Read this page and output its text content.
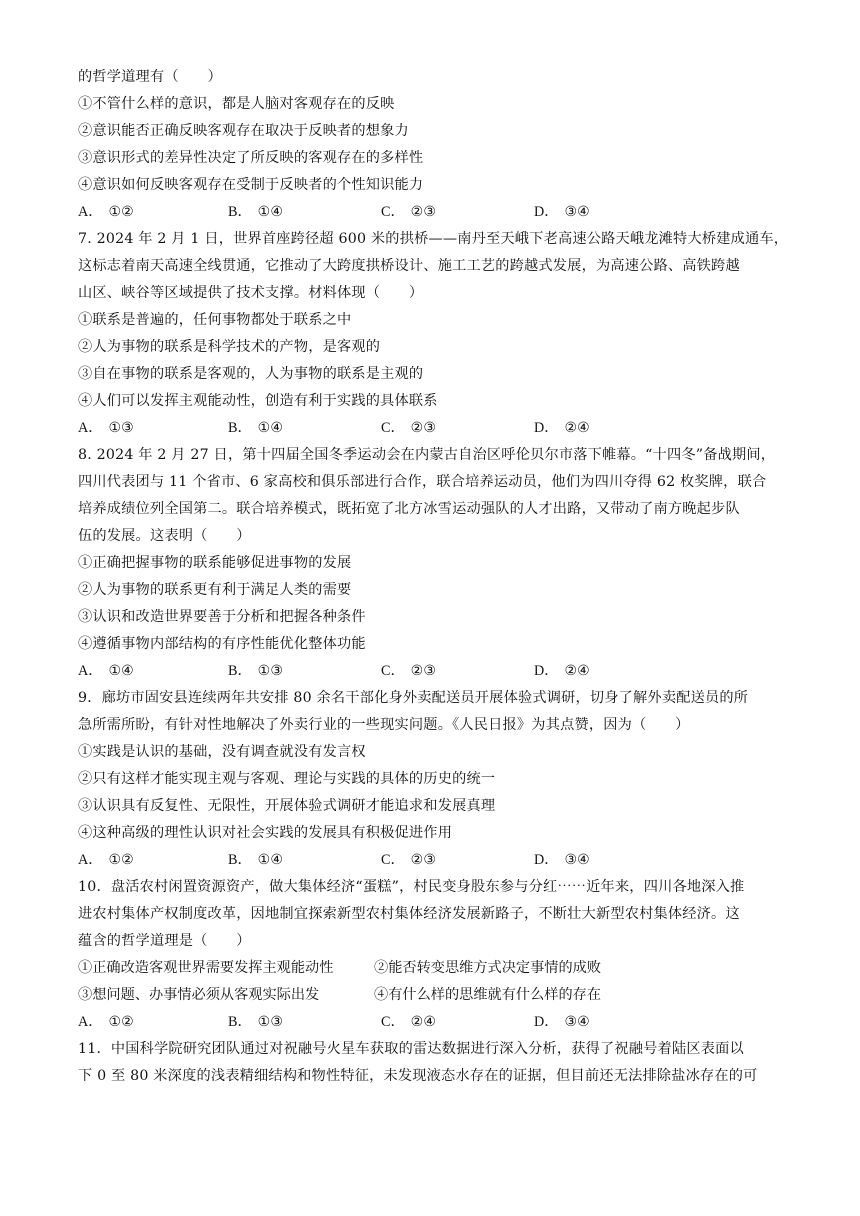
的哲学道理有（　　）
①不管什么样的意识，都是人脑对客观存在的反映
②意识能否正确反映客观存在取决于反映者的想象力
③意识形式的差异性决定了所反映的客观存在的多样性
④意识如何反映客观存在受制于反映者的个性知识能力
A． ①②	B． ①④	C． ②③	D． ③④
7. 2024 年 2 月 1 日，世界首座跨径超 600 米的拱桥——南丹至天峨下老高速公路天峨龙滩特大桥建成通车，
这标志着南天高速全线贯通，它推动了大跨度拱桥设计、施工工艺的跨越式发展，为高速公路、高铁跨越
山区、峡谷等区域提供了技术支撑。材料体现（　　）
①联系是普遍的，任何事物都处于联系之中
②人为事物的联系是科学技术的产物，是客观的
③自在事物的联系是客观的，人为事物的联系是主观的
④人们可以发挥主观能动性，创造有利于实践的具体联系
A． ①③	B． ①④	C． ②③	D． ②④
8. 2024 年 2 月 27 日，第十四届全国冬季运动会在内蒙古自治区呼伦贝尔市落下帷幕。“十四冬”备战期间，
四川代表团与 11 个省市、6 家高校和俱乐部进行合作，联合培养运动员，他们为四川夺得 62 枚奖牌，联合
培养成绩位列全国第二。联合培养模式，既拓宽了北方冰雪运动强队的人才出路，又带动了南方晚起步队
伍的发展。这表明（　　）
①正确把握事物的联系能够促进事物的发展
②人为事物的联系更有利于满足人类的需要
③认识和改造世界要善于分析和把握各种条件
④遵循事物内部结构的有序性能优化整体功能
A． ①④	B． ①③	C． ②③	D． ②④
9．廊坊市固安县连续两年共安排 80 余名干部化身外卖配送员开展体验式调研，切身了解外卖配送员的所
急所需所盼，有针对性地解决了外卖行业的一些现实问题。《人民日报》为其点赞，因为（　　）
①实践是认识的基础，没有调查就没有发言权
②只有这样才能实现主观与客观、理论与实践的具体的历史的统一
③认识具有反复性、无限性，开展体验式调研才能追求和发展真理
④这种高级的理性认识对社会实践的发展具有积极促进作用
A． ①②	B． ①④	C． ②③	D． ③④
10．盘活农村闲置资源资产，做大集体经济“蛋糕”，村民变身股东参与分红⋯⋯近年来，四川各地深入推
进农村集体产权制度改革，因地制宜探索新型农村集体经济发展新路子，不断壮大新型农村集体经济。这
蕴含的哲学道理是（　　）
①正确改造客观世界需要发挥主观能动性	②能否转变思维方式决定事情的成败
③想问题、办事情必须从客观实际出发	④有什么样的思维就有什么样的存在
A． ①②	B． ①③	C． ②④	D． ③④
11．中国科学院研究团队通过对祝融号火星车获取的雷达数据进行深入分析，获得了祝融号着陆区表面以
下 0 至 80 米深度的浅表精细结构和物性特征，未发现液态水存在的证据，但目前还无法排除盐冰存在的可
